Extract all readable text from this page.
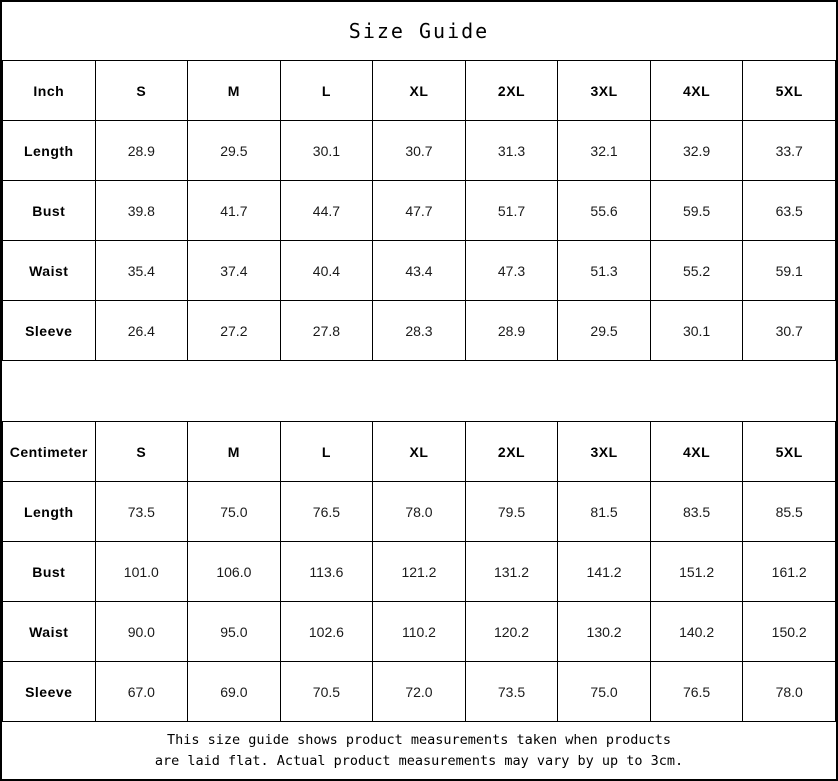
Size Guide
Inch	S	M	L	XL	2XL	3XL	4XL	5XL
Length	28.9	29.5	30.1	30.7	31.3	32.1	32.9	33.7
Bust	39.8	41.7	44.7	47.7	51.7	55.6	59.5	63.5
Waist	35.4	37.4	40.4	43.4	47.3	51.3	55.2	59.1
Sleeve	26.4	27.2	27.8	28.3	28.9	29.5	30.1	30.7
Centimeter	S	M	L	XL	2XL	3XL	4XL	5XL
Length	73.5	75.0	76.5	78.0	79.5	81.5	83.5	85.5
Bust	101.0	106.0	113.6	121.2	131.2	141.2	151.2	161.2
Waist	90.0	95.0	102.6	110.2	120.2	130.2	140.2	150.2
Sleeve	67.0	69.0	70.5	72.0	73.5	75.0	76.5	78.0
This size guide shows product measurements taken when products
are laid flat. Actual product measurements may vary by up to 3cm.
